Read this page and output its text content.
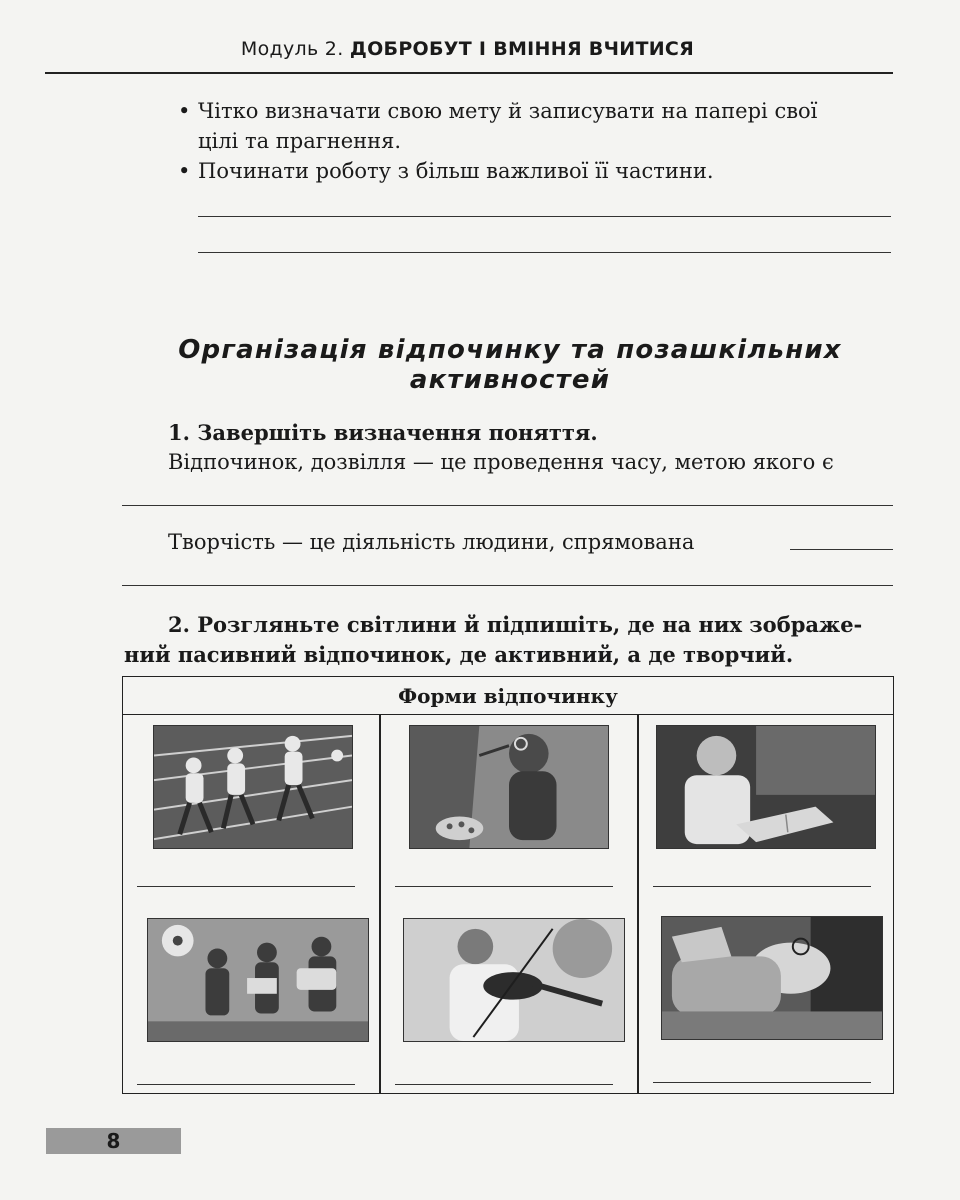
Модуль 2. ДОБРОБУТ І ВМІННЯ ВЧИТИСЯ
• Чітко визначати свою мету й записувати на папері свої
цілі та прагнення.
• Починати роботу з більш важливої її частини.
Організація відпочинку та позашкільних
активностей
1. Завершіть визначення поняття.
Відпочинок, дозвілля — це проведення часу, метою якого є
Творчість — це діяльність людини, спрямована
2. Розгляньте світлини й підпишіть, де на них зображе-
ний пасивний відпочинок, де активний, а де творчий.
Форми відпочинку
8
